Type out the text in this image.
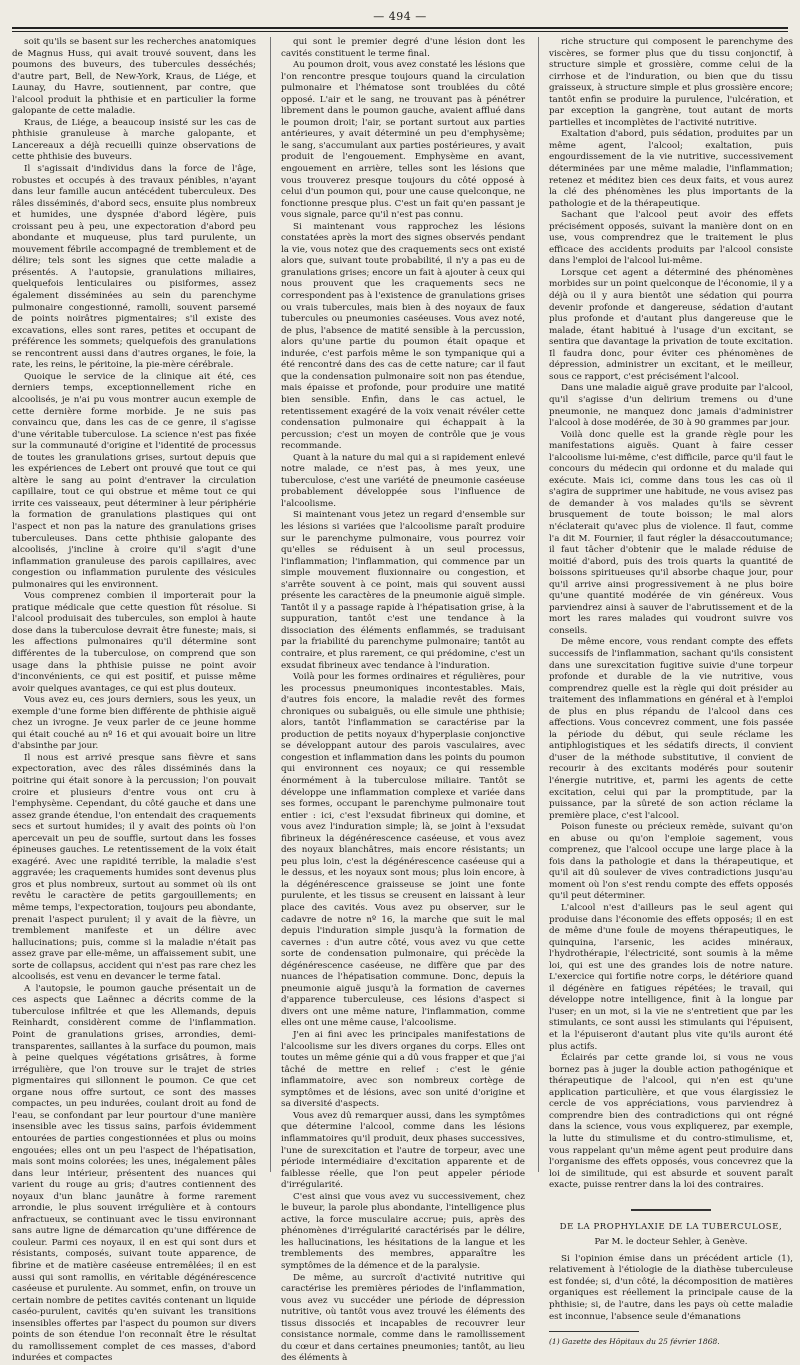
— 494 —

soit qu'ils se basent sur les recherches anatomiques de Magnus Huss, qui avait trouvé souvent, dans les poumons des buveurs, des tubercules desséchés; d'autre part, Bell, de New-York, Kraus, de Liége, et Launay, du Havre, soutiennent, par contre, que l'alcool produit la phthisie et en particulier la forme galopante de cette maladie.

Kraus, de Liége, a beaucoup insisté sur les cas de phthisie granuleuse à marche galopante, et Lancereaux a déjà recueilli quinze observations de cette phthisie des buveurs.

Il s'agissait d'individus dans la force de l'âge, robustes et occupés à des travaux pénibles, n'ayant dans leur famille aucun antécédent tuberculeux. Des râles disséminés, d'abord secs, ensuite plus nombreux et humides, une dyspnée d'abord légère, puis croissant peu à peu, une expectoration d'abord peu abondante et muqueuse, plus tard purulente, un mouvement fébrile accompagné de tremblement et de délire; tels sont les signes que cette maladie a présentés. A l'autopsie, granulations miliaires, quelquefois lenticulaires ou pisiformes, assez également disséminées au sein du parenchyme pulmonaire congestionné, ramolli, souvent parsemé de points noirâtres pigmentaires; s'il existe des excavations, elles sont rares, petites et occupant de préférence les sommets; quelquefois des granulations se rencontrent aussi dans d'autres organes, le foie, la rate, les reins, le péritoine, la pie-mère cérébrale.

Quoique le service de la clinique ait été, ces derniers temps, exceptionnellement riche en alcoolisés, je n'ai pu vous montrer aucun exemple de cette dernière forme morbide. Je ne suis pas convaincu que, dans les cas de ce genre, il s'agisse d'une véritable tuberculose. La science n'est pas fixée sur la communauté d'origine et l'identité de processus de toutes les granulations grises, surtout depuis que les expériences de Lebert ont prouvé que tout ce qui altère le sang au point d'entraver la circulation capillaire, tout ce qui obstrue et même tout ce qui irrite ces vaisseaux, peut déterminer à leur périphérie la formation de granulations plastiques qui ont l'aspect et non pas la nature des granulations grises tuberculeuses. Dans cette phthisie galopante des alcoolisés, j'incline à croire qu'il s'agit d'une inflammation granuleuse des parois capillaires, avec congestion ou inflammation purulente des vésicules pulmonaires qui les environnent.

Vous comprenez combien il importerait pour la pratique médicale que cette question fût résolue. Si l'alcool produisait des tubercules, son emploi à haute dose dans la tuberculose devrait être funeste; mais, si les affections pulmonaires qu'il détermine sont différentes de la tuberculose, on comprend que son usage dans la phthisie puisse ne point avoir d'inconvénients, ce qui est positif, et puisse même avoir quelques avantages, ce qui est plus douteux.

Vous avez eu, ces jours derniers, sous les yeux, un exemple d'une forme bien différente de phthisie aiguë chez un ivrogne. Je veux parler de ce jeune homme qui était couché au nº 16 et qui avouait boire un litre d'absinthe par jour.

Il nous est arrivé presque sans fièvre et sans expectoration, avec des râles disséminés dans la poitrine qui était sonore à la percussion; l'on pouvait croire et plusieurs d'entre vous ont cru à l'emphysème. Cependant, du côté gauche et dans une assez grande étendue, l'on entendait des craquements secs et surtout humides; il y avait des points où l'on apercevait un peu de souffle, surtout dans les fosses épineuses gauches. Le retentissement de la voix était exagéré. Avec une rapidité terrible, la maladie s'est aggravée; les craquements humides sont devenus plus gros et plus nombreux, surtout au sommet où ils ont revêtu le caractère de petits gargouillements; en même temps, l'expectoration, toujours peu abondante, prenait l'aspect purulent; il y avait de la fièvre, un tremblement manifeste et un délire avec hallucinations; puis, comme si la maladie n'était pas assez grave par elle-même, un affaissement subit, une sorte de collapsus, accident qui n'est pas rare chez les alcoolisés, est venu en devancer le terme fatal.

A l'autopsie, le poumon gauche présentait un de ces aspects que Laënnec a décrits comme de la tuberculose infiltrée et que les Allemands, depuis Reinhardt, considèrent comme de l'inflammation. Point de granulations grises, arrondies, demi-transparentes, saillantes à la surface du poumon, mais à peine quelques végétations grisâtres, à forme irrégulière, que l'on trouve sur le trajet de stries pigmentaires qui sillonnent le poumon. Ce que cet organe nous offre surtout, ce sont des masses compactes, un peu indurées, coulant droit au fond de l'eau, se confondant par leur pourtour d'une manière insensible avec les tissus sains, parfois évidemment entourées de parties congestionnées et plus ou moins engouées; elles ont un peu l'aspect de l'hépatisation, mais sont moins colorées; les unes, inégalement pâles dans leur intérieur, présentent des nuances qui varient du rouge au gris; d'autres contiennent des noyaux d'un blanc jaunâtre à forme rarement arrondie, le plus souvent irrégulière et à contours anfractueux, se continuant avec le tissu environnant sans autre ligne de démarcation qu'une différence de couleur. Parmi ces noyaux, il en est qui sont durs et résistants, composés, suivant toute apparence, de fibrine et de matière caséeuse entremêlées; il en est aussi qui sont ramollis, en véritable dégénérescence caséeuse et purulente. Au sommet, enfin, on trouve un certain nombre de petites cavités contenant un liquide caséo-purulent, cavités qu'en suivant les transitions insensibles offertes par l'aspect du poumon sur divers points de son étendue l'on reconnaît être le résultat du ramollissement complet de ces masses, d'abord indurées et compactes

qui sont le premier degré d'une lésion dont les cavités constituent le terme final.

Au poumon droit, vous avez constaté les lésions que l'on rencontre presque toujours quand la circulation pulmonaire et l'hématose sont troublées du côté opposé. L'air et le sang, ne trouvant pas à pénétrer librement dans le poumon gauche, avaient afflué dans le poumon droit; l'air, se portant surtout aux parties antérieures, y avait déterminé un peu d'emphysème; le sang, s'accumulant aux parties postérieures, y avait produit de l'engouement. Emphysème en avant, engouement en arrière, telles sont les lésions que vous trouverez presque toujours du côté opposé à celui d'un poumon qui, pour une cause quelconque, ne fonctionne presque plus. C'est un fait qu'en passant je vous signale, parce qu'il n'est pas connu.

Si maintenant vous rapprochez les lésions constatées après la mort des signes observés pendant la vie, vous notez que des craquements secs ont existé alors que, suivant toute probabilité, il n'y a pas eu de granulations grises; encore un fait à ajouter à ceux qui nous prouvent que les craquements secs ne correspondent pas à l'existence de granulations grises ou vrais tubercules, mais bien à des noyaux de faux tubercules ou pneumonies caséeuses. Vous avez noté, de plus, l'absence de matité sensible à la percussion, alors qu'une partie du poumon était opaque et indurée, c'est parfois même le son tympanique qui a été rencontré dans des cas de cette nature; car il faut que la condensation pulmonaire soit non pas étendue, mais épaisse et profonde, pour produire une matité bien sensible. Enfin, dans le cas actuel, le retentissement exagéré de la voix venait révéler cette condensation pulmonaire qui échappait à la percussion; c'est un moyen de contrôle que je vous recommande.

Quant à la nature du mal qui a si rapidement enlevé notre malade, ce n'est pas, à mes yeux, une tuberculose, c'est une variété de pneumonie caséeuse probablement développée sous l'influence de l'alcoolisme.

Si maintenant vous jetez un regard d'ensemble sur les lésions si variées que l'alcoolisme paraît produire sur le parenchyme pulmonaire, vous pourrez voir qu'elles se réduisent à un seul processus, l'inflammation; l'inflammation, qui commence par un simple mouvement fluxionnaire ou congestion, et s'arrête souvent à ce point, mais qui souvent aussi présente les caractères de la pneumonie aiguë simple. Tantôt il y a passage rapide à l'hépatisation grise, à la suppuration, tantôt c'est une tendance à la dissociation des éléments enflammés, se traduisant par la friabilité du parenchyme pulmonaire; tantôt au contraire, et plus rarement, ce qui prédomine, c'est un exsudat fibrineux avec tendance à l'induration.

Voilà pour les formes ordinaires et régulières, pour les processus pneumoniques incontestables. Mais, d'autres fois encore, la maladie revêt des formes chroniques ou subaiguës, ou elle simule une phthisie; alors, tantôt l'inflammation se caractérise par la production de petits noyaux d'hyperplasie conjonctive se développant autour des parois vasculaires, avec congestion et inflammation dans les points du poumon qui environnent ces noyaux; ce qui ressemble énormément à la tuberculose miliaire. Tantôt se développe une inflammation complexe et variée dans ses formes, occupant le parenchyme pulmonaire tout entier : ici, c'est l'exsudat fibrineux qui domine, et vous avez l'induration simple; là, se joint à l'exsudat fibrineux la dégénérescence caséeuse, et vous avez des noyaux blanchâtres, mais encore résistants; un peu plus loin, c'est la dégénérescence caséeuse qui a le dessus, et les noyaux sont mous; plus loin encore, à la dégénérescence graisseuse se joint une fonte purulente, et les tissus se creusent en laissant à leur place des cavités. Vous avez pu observer, sur le cadavre de notre nº 16, la marche que suit le mal depuis l'induration simple jusqu'à la formation de cavernes : d'un autre côté, vous avez vu que cette sorte de condensation pulmonaire, qui précède la dégénérescence caséeuse, ne diffère que par des nuances de l'hépatisation commune. Donc, depuis la pneumonie aiguë jusqu'à la formation de cavernes d'apparence tuberculeuse, ces lésions d'aspect si divers ont une même nature, l'inflammation, comme elles ont une même cause, l'alcoolisme.

J'en ai fini avec les principales manifestations de l'alcoolisme sur les divers organes du corps. Elles ont toutes un même génie qui a dû vous frapper et que j'ai tâché de mettre en relief : c'est le génie inflammatoire, avec son nombreux cortège de symptômes et de lésions, avec son unité d'origine et sa diversité d'aspects.

Vous avez dû remarquer aussi, dans les symptômes que détermine l'alcool, comme dans les lésions inflammatoires qu'il produit, deux phases successives, l'une de surexcitation et l'autre de torpeur, avec une période intermédiaire d'excitation apparente et de faiblesse réelle, que l'on peut appeler période d'irrégularité.

C'est ainsi que vous avez vu successivement, chez le buveur, la parole plus abondante, l'intelligence plus active, la force musculaire accrue; puis, après des phénomènes d'irrégularité caractérisés par le délire, les hallucinations, les hésitations de la langue et les tremblements des membres, apparaître les symptômes de la démence et de la paralysie.

De même, au surcroît d'activité nutritive qui caractérise les premières périodes de l'inflammation, vous avez vu succéder une période de dépression nutritive, où tantôt vous avez trouvé les éléments des tissus dissociés et incapables de recouvrer leur consistance normale, comme dans le ramollissement du cœur et dans certaines pneumonies; tantôt, au lieu des éléments à

riche structure qui composent le parenchyme des viscères, se former plus que du tissu conjonctif, à structure simple et grossière, comme celui de la cirrhose et de l'induration, ou bien que du tissu graisseux, à structure simple et plus grossière encore; tantôt enfin se produire la purulence, l'ulcération, et par exception la gangrène, tout autant de morts partielles et incomplètes de l'activité nutritive.

Exaltation d'abord, puis sédation, produites par un même agent, l'alcool; exaltation, puis engourdissement de la vie nutritive, successivement déterminées par une même maladie, l'inflammation; retenez et méditez bien ces deux faits, et vous aurez la clé des phénomènes les plus importants de la pathologie et de la thérapeutique.

Sachant que l'alcool peut avoir des effets précisément opposés, suivant la manière dont on en use, vous comprendrez que le traitement le plus efficace des accidents produits par l'alcool consiste dans l'emploi de l'alcool lui-même.

Lorsque cet agent a déterminé des phénomènes morbides sur un point quelconque de l'économie, il y a déjà ou il y aura bientôt une sédation qui pourra devenir profonde et dangereuse, sédation d'autant plus profonde et d'autant plus dangereuse que le malade, étant habitué à l'usage d'un excitant, se sentira que davantage la privation de toute excitation. Il faudra donc, pour éviter ces phénomènes de dépression, administrer un excitant, et le meilleur, sous ce rapport, c'est précisément l'alcool.

Dans une maladie aiguë grave produite par l'alcool, qu'il s'agisse d'un delirium tremens ou d'une pneumonie, ne manquez donc jamais d'administrer l'alcool à dose modérée, de 30 à 90 grammes par jour.

Voilà donc quelle est la grande règle pour les manifestations aiguës. Quant à faire cesser l'alcoolisme lui-même, c'est difficile, parce qu'il faut le concours du médecin qui ordonne et du malade qui exécute. Mais ici, comme dans tous les cas où il s'agira de supprimer une habitude, ne vous avisez pas de demander à vos malades qu'ils se sèvrent brusquement de toute boisson; le mal alors n'éclaterait qu'avec plus de violence. Il faut, comme l'a dit M. Fournier, il faut régler la désaccoutumance; il faut tâcher d'obtenir que le malade réduise de moitié d'abord, puis des trois quarts la quantité de boissons spiritueuses qu'il absorbe chaque jour, pour qu'il arrive ainsi progressivement à ne plus boire qu'une quantité modérée de vin généreux. Vous parviendrez ainsi à sauver de l'abrutissement et de la mort les rares malades qui voudront suivre vos conseils.

De même encore, vous rendant compte des effets successifs de l'inflammation, sachant qu'ils consistent dans une surexcitation fugitive suivie d'une torpeur profonde et durable de la vie nutritive, vous comprendrez quelle est la règle qui doit présider au traitement des inflammations en général et à l'emploi de plus en plus répandu de l'alcool dans ces affections. Vous concevrez comment, une fois passée la période du début, qui seule réclame les antiphlogistiques et les sédatifs directs, il convient d'user de la méthode substitutive, il convient de recourir à des excitants modérés pour soutenir l'énergie nutritive, et, parmi les agents de cette excitation, celui qui par la promptitude, par la puissance, par la sûreté de son action réclame la première place, c'est l'alcool.

Poison funeste ou précieux remède, suivant qu'on en abuse ou qu'on l'emploie sagement, vous comprenez, que l'alcool occupe une large place à la fois dans la pathologie et dans la thérapeutique, et qu'il ait dû soulever de vives contradictions jusqu'au moment où l'on s'est rendu compte des effets opposés qu'il peut déterminer.

L'alcool n'est d'ailleurs pas le seul agent qui produise dans l'économie des effets opposés; il en est de même d'une foule de moyens thérapeutiques, le quinquina, l'arsenic, les acides minéraux, l'hydrothérapie, l'électricité, sont soumis à la même loi, qui est une des grandes lois de notre nature. L'exercice qui fortifie notre corps, le détériore quand il dégénère en fatigues répétées; le travail, qui développe notre intelligence, finit à la longue par l'user; en un mot, si la vie ne s'entretient que par les stimulants, ce sont aussi les stimulants qui l'épuisent, et la l'épuiseront d'autant plus vite qu'ils auront été plus actifs.

Éclairés par cette grande loi, si vous ne vous bornez pas à juger la double action pathogénique et thérapeutique de l'alcool, qui n'en est qu'une application particulière, et que vous élargissiez le cercle de vos appréciations, vous parviendrez à comprendre bien des contradictions qui ont régné dans la science, vous vous expliquerez, par exemple, la lutte du stimulisme et du contro-stimulisme, et, vous rappelant qu'un même agent peut produire dans l'organisme des effets opposés, vous concevrez que la loi de similitude, qui est absurde et souvent paraît exacte, puisse rentrer dans la loi des contraires.

DE LA PROPHYLAXIE DE LA TUBERCULOSE,

Par M. le docteur Sehler, à Genève.

Si l'opinion émise dans un précédent article (1), relativement à l'étiologie de la diathèse tuberculeuse est fondée; si, d'un côté, la décomposition de matières organiques est réellement la principale cause de la phthisie; si, de l'autre, dans les pays où cette maladie est inconnue, l'absence seule d'émanations

(1) Gazette des Hôpitaux du 25 février 1868.
